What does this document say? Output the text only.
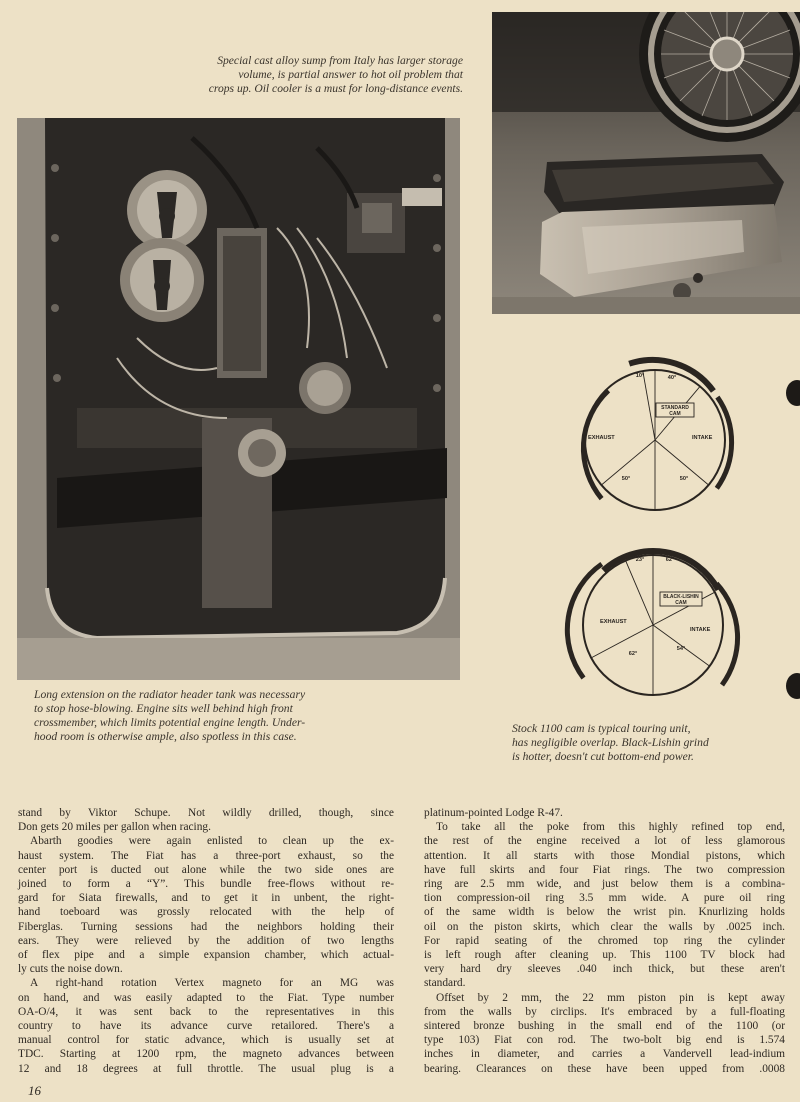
Special cast alloy sump from Italy has larger storage
volume, is partial answer to hot oil problem that
crops up. Oil cooler is a must for long-distance events.
Long extension on the radiator header tank was necessary
to stop hose-blowing. Engine sits well behind high front
crossmember, which limits potential engine length. Under-
hood room is otherwise ample, also spotless in this case.
STANDARD
CAM
EXHAUST	INTAKE
10°	40°
50°	50°
BLACK-LISHIN
CAM
EXHAUST
INTAKE
23°	62°
62°
54°
Stock 1100 cam is typical touring unit,
has negligible overlap. Black-Lishin grind
is hotter, doesn't cut bottom-end power.

stand by Viktor Schupe. Not wildly drilled, though, since

Don gets 20 miles per gallon when racing.

Abarth goodies were again enlisted to clean up the ex-

haust system. The Fiat has a three-port exhaust, so the

center port is ducted out alone while the two side ones are

joined to form a “Y”. This bundle free-flows without re-

gard for Siata firewalls, and to get it in unbent, the right-

hand toeboard was grossly relocated with the help of

Fiberglas. Turning sessions had the neighbors holding their

ears. They were relieved by the addition of two lengths

of flex pipe and a simple expansion chamber, which actual-

ly cuts the noise down.

A right-hand rotation Vertex magneto for an MG was

on hand, and was easily adapted to the Fiat. Type number

OA-O/4, it was sent back to the representatives in this

country to have its advance curve retailored. There's a

manual control for static advance, which is usually set at

TDC. Starting at 1200 rpm, the magneto advances between

12 and 18 degrees at full throttle. The usual plug is a

platinum-pointed Lodge R-47.

To take all the poke from this highly refined top end,

the rest of the engine received a lot of less glamorous

attention. It all starts with those Mondial pistons, which

have full skirts and four Fiat rings. The two compression

ring are 2.5 mm wide, and just below them is a combina-

tion compression-oil ring 3.5 mm wide. A pure oil ring

of the same width is below the wrist pin. Knurlizing holds

oil on the piston skirts, which clear the walls by .0025 inch.

For rapid seating of the chromed top ring the cylinder

is left rough after cleaning up. This 1100 TV block had

very hard dry sleeves .040 inch thick, but these aren't

standard.

Offset by 2 mm, the 22 mm piston pin is kept away

from the walls by circlips. It's embraced by a full-floating

sintered bronze bushing in the small end of the 1100 (or

type 103) Fiat con rod. The two-bolt big end is 1.574

inches in diameter, and carries a Vandervell lead-indium

bearing. Clearances on these have been upped from .0008

16
